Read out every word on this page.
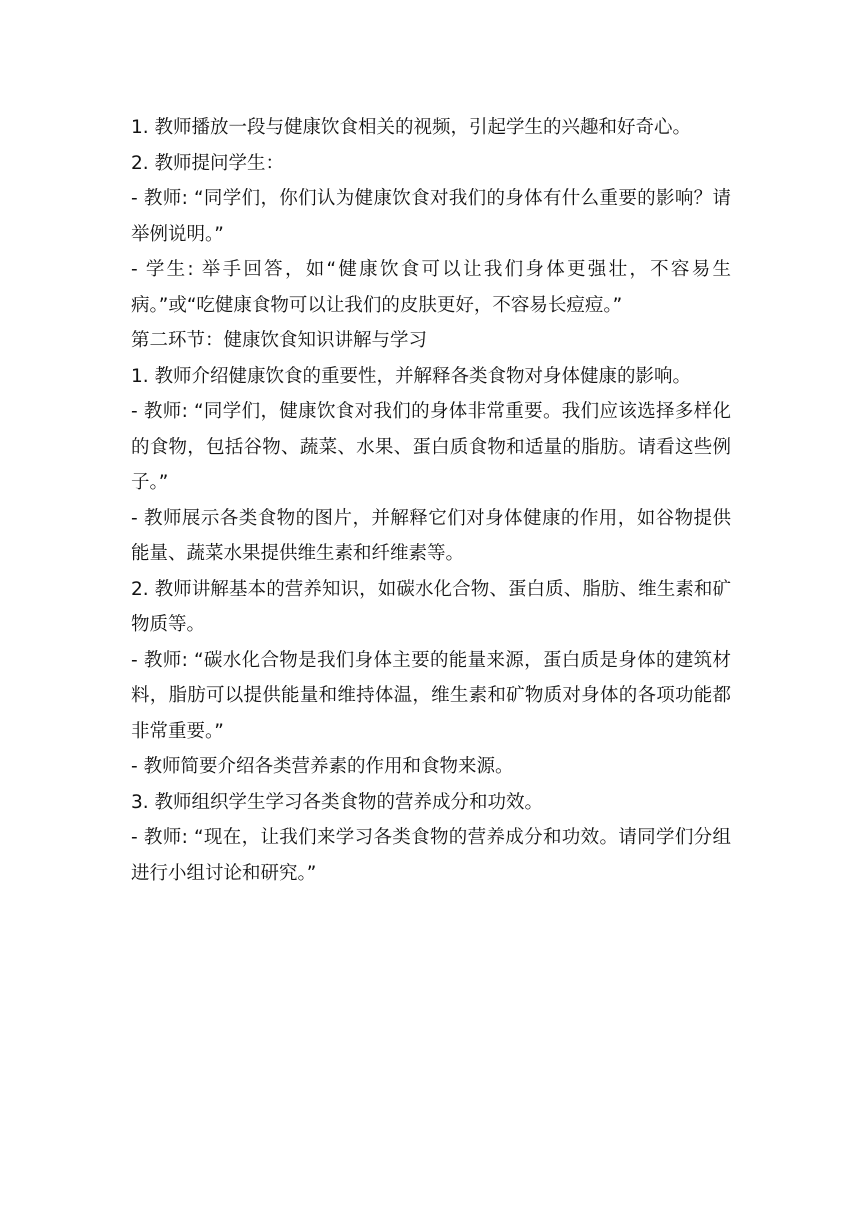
1. 教师播放一段与健康饮食相关的视频，引起学生的兴趣和好奇心。

2. 教师提问学生：

- 教师: “同学们，你们认为健康饮食对我们的身体有什么重要的影响？请举例说明。”

- 学生: 举手回答，如“健康饮食可以让我们身体更强壮，不容易生病。”或“吃健康食物可以让我们的皮肤更好，不容易长痘痘。”

第二环节：健康饮食知识讲解与学习

1. 教师介绍健康饮食的重要性，并解释各类食物对身体健康的影响。

- 教师: “同学们，健康饮食对我们的身体非常重要。我们应该选择多样化的食物，包括谷物、蔬菜、水果、蛋白质食物和适量的脂肪。请看这些例子。”

- 教师展示各类食物的图片，并解释它们对身体健康的作用，如谷物提供能量、蔬菜水果提供维生素和纤维素等。

2. 教师讲解基本的营养知识，如碳水化合物、蛋白质、脂肪、维生素和矿物质等。

- 教师: “碳水化合物是我们身体主要的能量来源，蛋白质是身体的建筑材料，脂肪可以提供能量和维持体温，维生素和矿物质对身体的各项功能都非常重要。”

- 教师简要介绍各类营养素的作用和食物来源。

3. 教师组织学生学习各类食物的营养成分和功效。

- 教师: “现在，让我们来学习各类食物的营养成分和功效。请同学们分组进行小组讨论和研究。”
